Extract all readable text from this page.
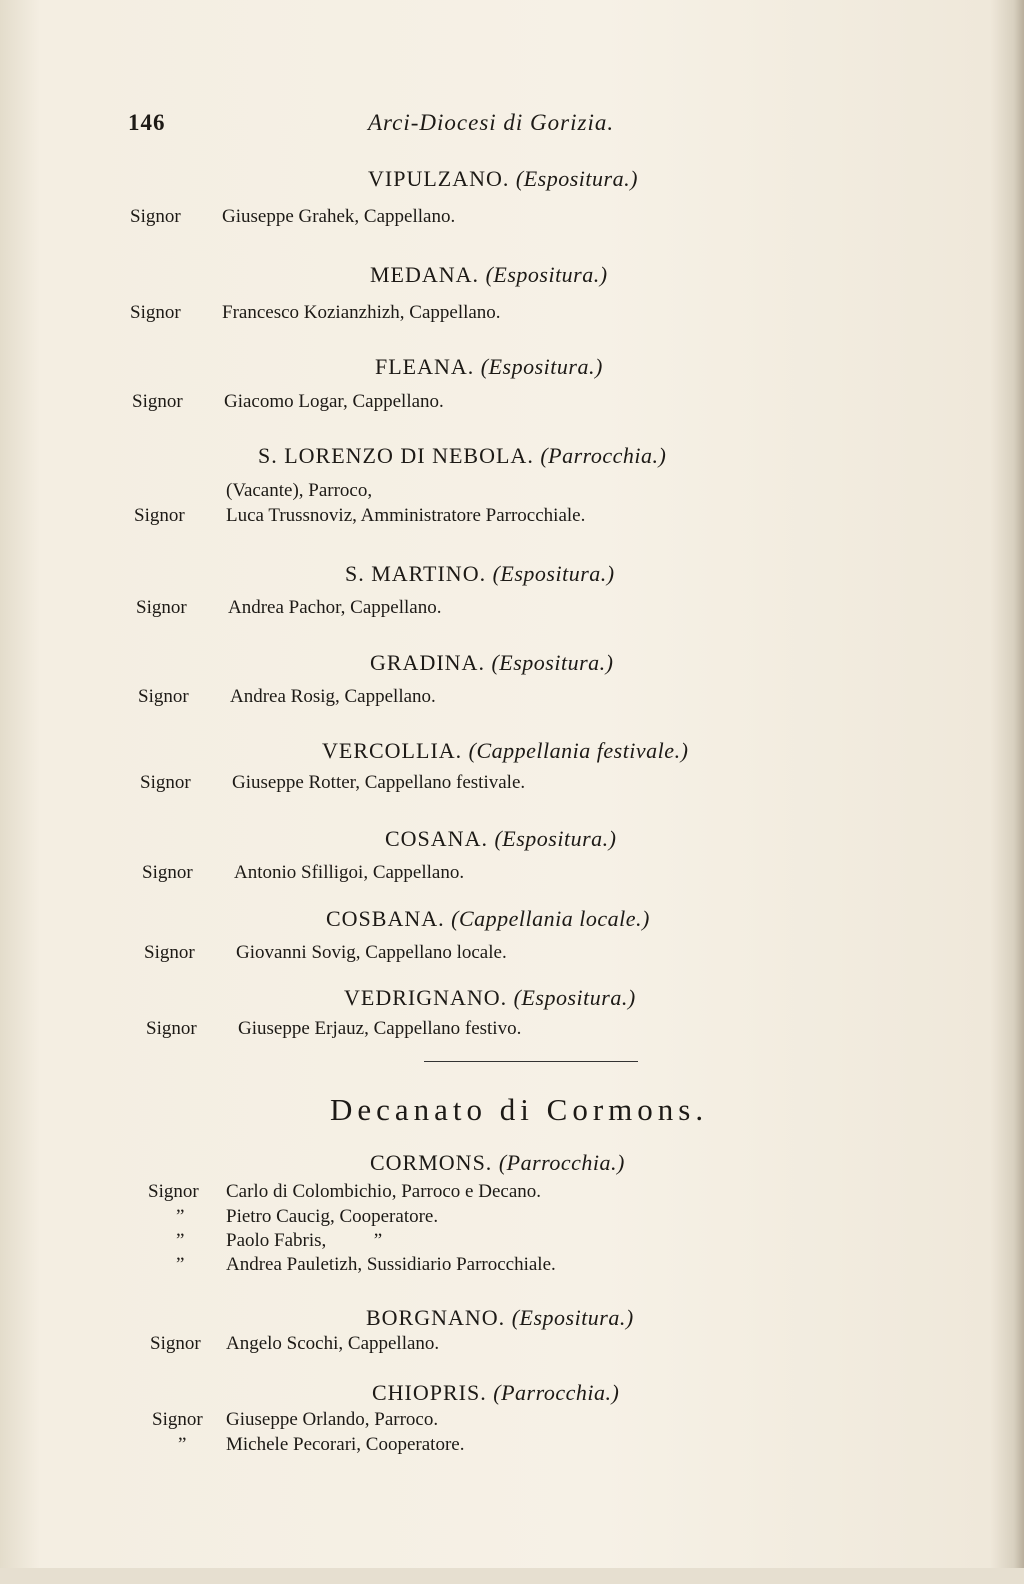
146	Arci-Diocesi di Gorizia.
VIPULZANO. (Espositura.)
Signor Giuseppe Grahek, Cappellano.
MEDANA. (Espositura.)
Signor Francesco Kozianzhizh, Cappellano.
FLEANA. (Espositura.)
Signor Giacomo Logar, Cappellano.
S. LORENZO DI NEBOLA. (Parrocchia.)
(Vacante), Parroco,
Signor Luca Trussnoviz, Amministratore Parrocchiale.
S. MARTINO. (Espositura.)
Signor Andrea Pachor, Cappellano.
GRADINA. (Espositura.)
Signor Andrea Rosig, Cappellano.
VERCOLLIA. (Cappellania festivale.)
Signor Giuseppe Rotter, Cappellano festivale.
COSANA. (Espositura.)
Signor Antonio Sfilligoi, Cappellano.
COSBANA. (Cappellania locale.)
Signor Giovanni Sovig, Cappellano locale.
VEDRIGNANO. (Espositura.)
Signor Giuseppe Erjauz, Cappellano festivo.
Decanato di Cormons.
CORMONS. (Parrocchia.)
Signor Carlo di Colombichio, Parroco e Decano.
” Pietro Caucig, Cooperatore.
” Paolo Fabris,          ”
” Andrea Pauletizh, Sussidiario Parrocchiale.
BORGNANO. (Espositura.)
Signor Angelo Scochi, Cappellano.
CHIOPRIS. (Parrocchia.)
Signor Giuseppe Orlando, Parroco.
” Michele Pecorari, Cooperatore.
